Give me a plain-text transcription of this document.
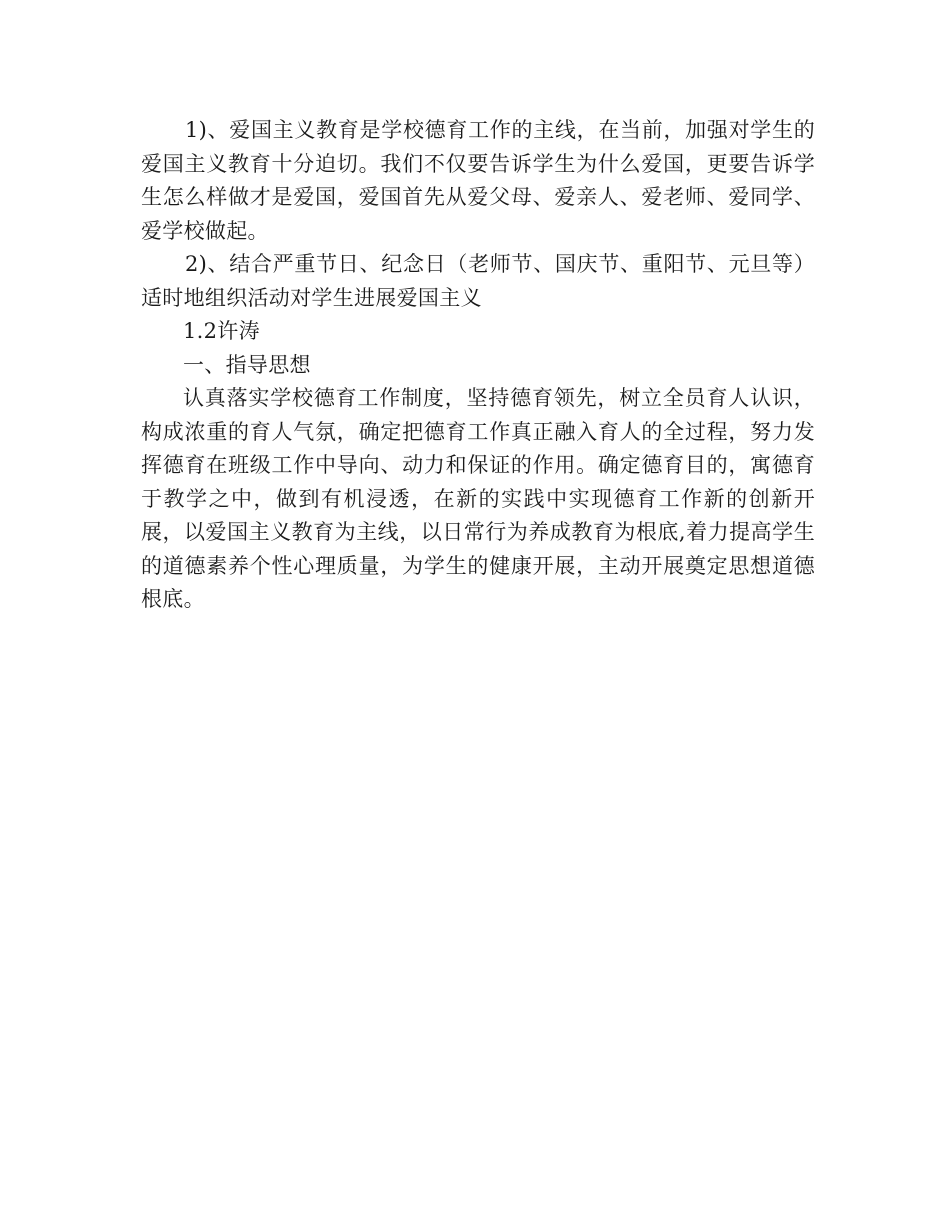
1)、爱国主义教育是学校德育工作的主线，在当前，加强对学生的爱国主义教育十分迫切。我们不仅要告诉学生为什么爱国，更要告诉学生怎么样做才是爱国，爱国首先从爱父母、爱亲人、爱老师、爱同学、爱学校做起。

2)、结合严重节日、纪念日（老师节、国庆节、重阳节、元旦等）适时地组织活动对学生进展爱国主义

1.2许涛

一、指导思想

认真落实学校德育工作制度，坚持德育领先，树立全员育人认识，构成浓重的育人气氛，确定把德育工作真正融入育人的全过程，努力发挥德育在班级工作中导向、动力和保证的作用。确定德育目的，寓德育于教学之中，做到有机浸透，在新的实践中实现德育工作新的创新开展，以爱国主义教育为主线，以日常行为养成教育为根底,着力提高学生的道德素养个性心理质量，为学生的健康开展，主动开展奠定思想道德根底。
